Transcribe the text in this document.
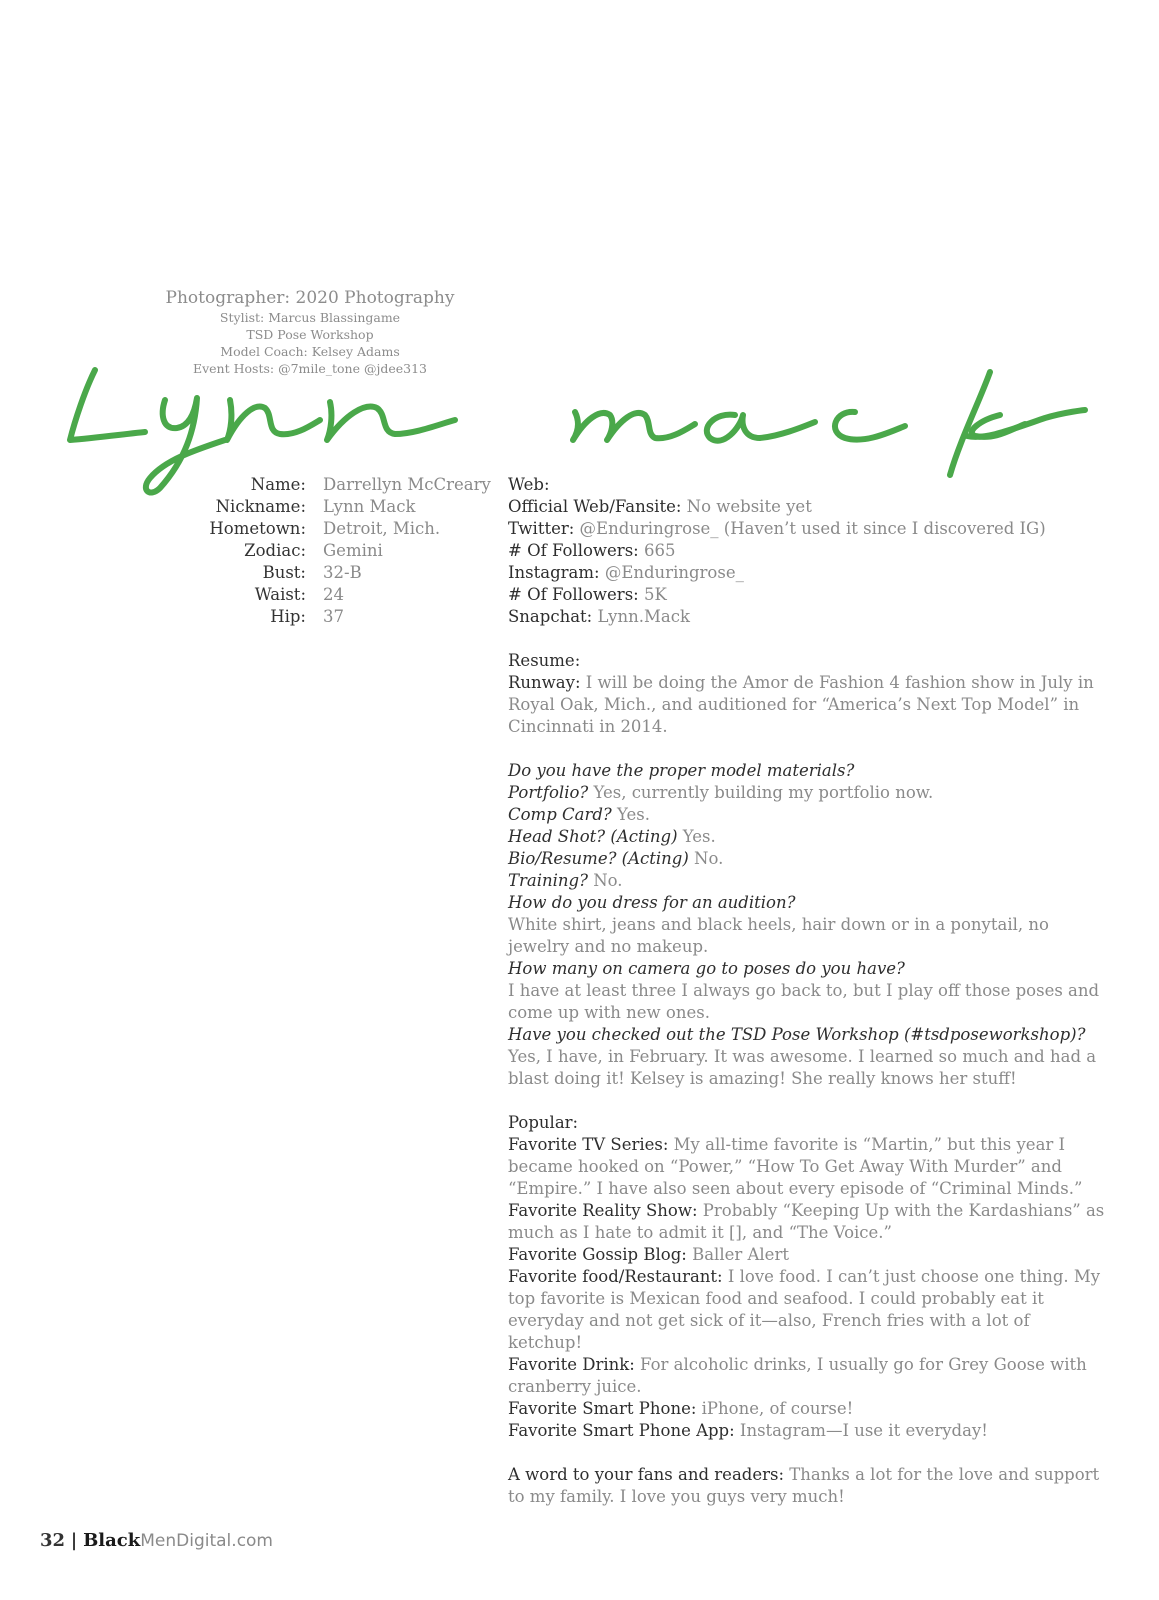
Photographer: 2020 Photography
Stylist: Marcus Blassingame
TSD Pose Workshop
Model Coach: Kelsey Adams
Event Hosts: @7mile_tone @jdee313
Name:	Darrellyn McCreary
Nickname:	Lynn Mack
Hometown:	Detroit, Mich.
Zodiac:	Gemini
Bust:	32-B
Waist:	24
Hip:	37

Web:

Official Web/Fansite: No website yet

Twitter: @Enduringrose_ (Haven’t used it since I discovered IG)

# Of Followers: 665

Instagram: @Enduringrose_

# Of Followers: 5K

Snapchat: Lynn.Mack

Resume:

Runway: I will be doing the Amor de Fashion 4 fashion show in July in Royal Oak, Mich., and auditioned for “America’s Next Top Model” in Cincinnati in 2014.

Do you have the proper model materials?

Portfolio? Yes, currently building my portfolio now.

Comp Card? Yes.

Head Shot? (Acting) Yes.

Bio/Resume? (Acting) No.

Training? No.

How do you dress for an audition?

White shirt, jeans and black heels, hair down or in a ponytail, no jewelry and no makeup.

How many on camera go to poses do you have?

I have at least three I always go back to, but I play off those poses and come up with new ones.

Have you checked out the TSD Pose Workshop (#tsdposeworkshop)?

Yes, I have, in February. It was awesome. I learned so much and had a blast doing it! Kelsey is amazing! She really knows her stuff!

Popular:

Favorite TV Series: My all-time favorite is “Martin,” but this year I became hooked on “Power,” “How To Get Away With Murder” and “Empire.” I have also seen about every episode of “Criminal Minds.”

Favorite Reality Show: Probably “Keeping Up with the Kardashians” as much as I hate to admit it [], and “The Voice.”

Favorite Gossip Blog: Baller Alert

Favorite food/Restaurant: I love food. I can’t just choose one thing. My top favorite is Mexican food and seafood. I could probably eat it everyday and not get sick of it—also, French fries with a lot of ketchup!

Favorite Drink: For alcoholic drinks, I usually go for Grey Goose with cranberry juice.

Favorite Smart Phone: iPhone, of course!

Favorite Smart Phone App: Instagram—I use it everyday!

A word to your fans and readers: Thanks a lot for the love and support to my family. I love you guys very much!

32 | BlackMenDigital.com
